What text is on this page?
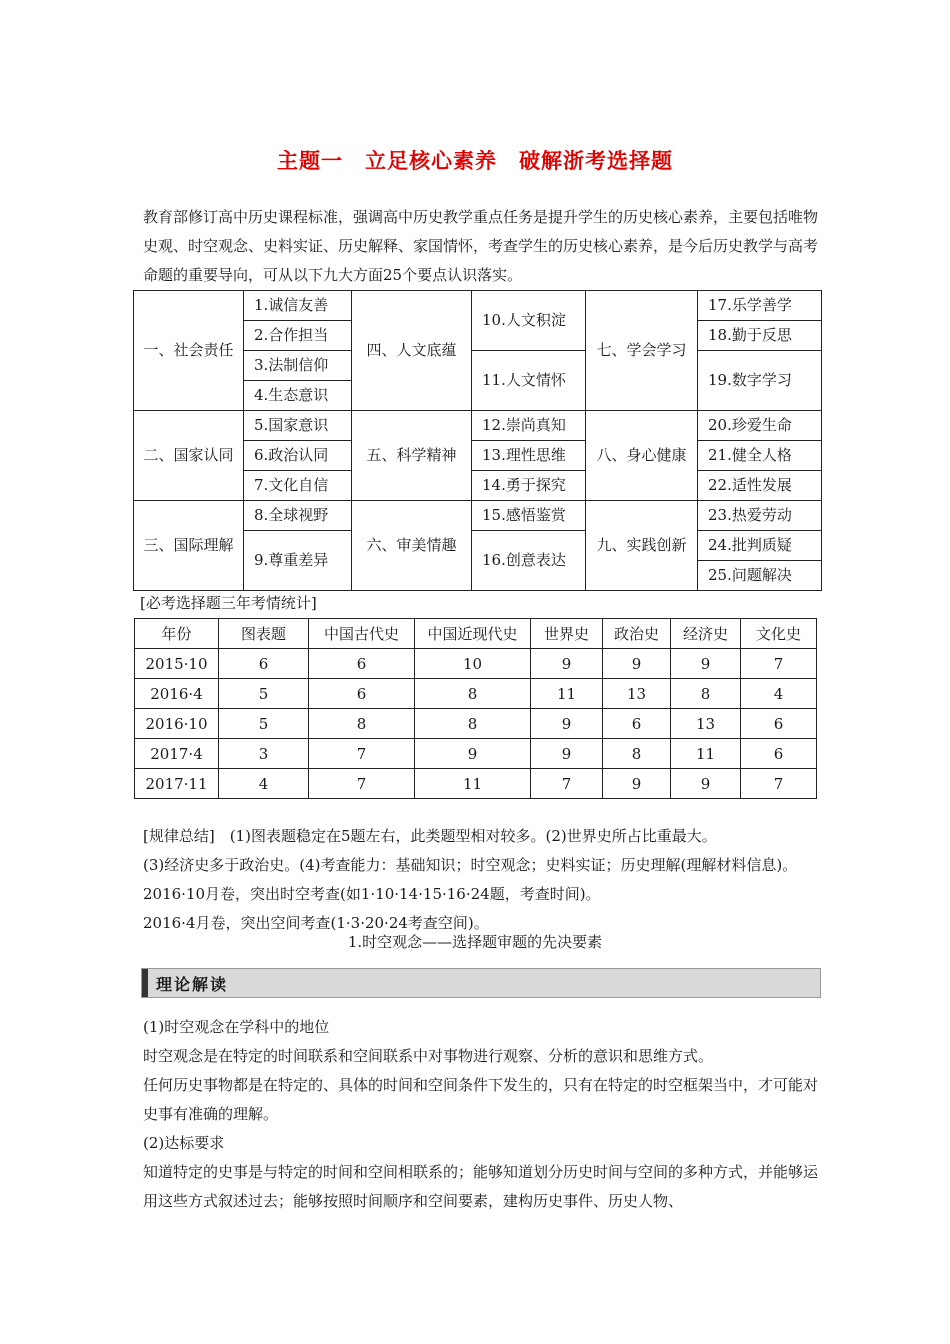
主题一　立足核心素养　破解浙考选择题
教育部修订高中历史课程标准，强调高中历史教学重点任务是提升学生的历史核心素养，主要包括唯物史观、时空观念、史料实证、历史解释、家国情怀，考查学生的历史核心素养，是今后历史教学与高考命题的重要导向，可从以下九大方面25个要点认识落实。
一、社会责任	1.诚信友善	四、人文底蕴	10.人文积淀	七、学会学习	17.乐学善学
	2.合作担当				18.勤于反思
	3.法制信仰		11.人文情怀		19.数字学习
	4.生态意识				
二、国家认同	5.国家意识	五、科学精神	12.崇尚真知	八、身心健康	20.珍爱生命
	6.政治认同		13.理性思维		21.健全人格
	7.文化自信		14.勇于探究		22.适性发展
三、国际理解	8.全球视野	六、审美情趣	15.感悟鉴赏	九、实践创新	23.热爱劳动
	9.尊重差异		16.创意表达		24.批判质疑
					25.问题解决
[必考选择题三年考情统计]
年份	图表题	中国古代史	中国近现代史	世界史	政治史	经济史	文化史
2015·10	6	6	10	9	9	9	7
2016·4	5	6	8	11	13	8	4
2016·10	5	8	8	9	6	13	6
2017·4	3	7	9	9	8	11	6
2017·11	4	7	11	7	9	9	7
[规律总结]　(1)图表题稳定在5题左右，此类题型相对较多。(2)世界史所占比重最大。
(3)经济史多于政治史。(4)考查能力：基础知识；时空观念；史料实证；历史理解(理解材料信息)。2016·10月卷，突出时空考查(如1·10·14·15·16·24题，考查时间)。
2016·4月卷，突出空间考查(1·3·20·24考查空间)。
1.时空观念——选择题审题的先决要素
理论解读

(1)时空观念在学科中的地位

时空观念是在特定的时间联系和空间联系中对事物进行观察、分析的意识和思维方式。

任何历史事物都是在特定的、具体的时间和空间条件下发生的，只有在特定的时空框架当中，才可能对史事有准确的理解。

(2)达标要求

知道特定的史事是与特定的时间和空间相联系的；能够知道划分历史时间与空间的多种方式，并能够运用这些方式叙述过去；能够按照时间顺序和空间要素，建构历史事件、历史人物、
